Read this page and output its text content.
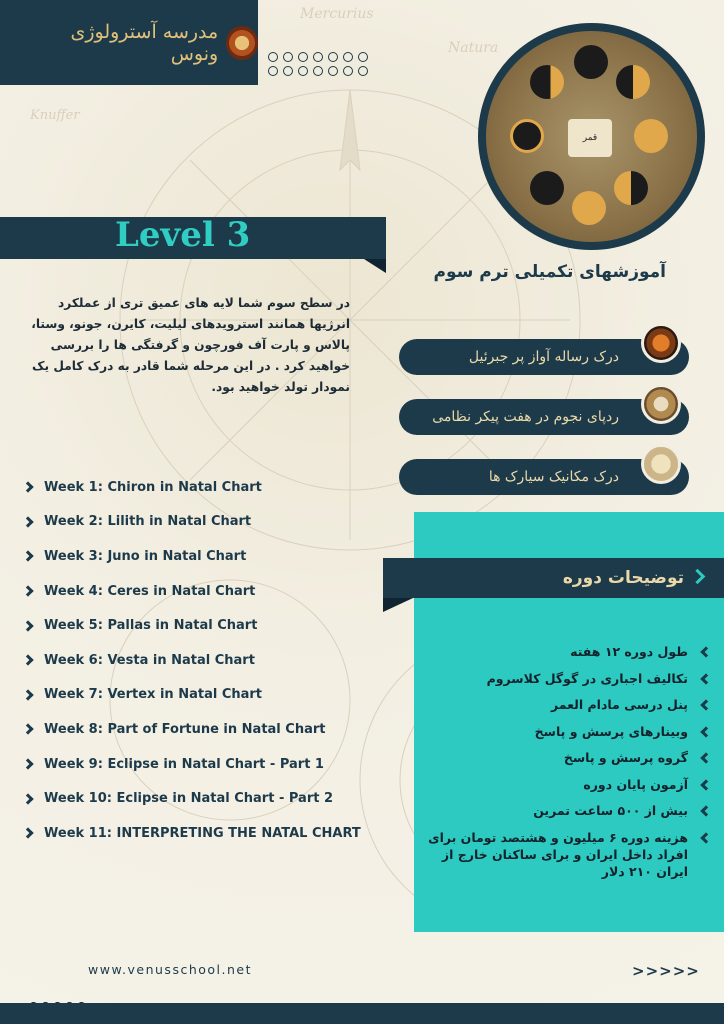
Mercurius
Natura
Knuffer
مدرسه آسترولوژی ونوس
قمر
Level 3
آموزشهای تکمیلی ترم سوم
در سطح سوم شما لایه های عمیق تری از عملکرد انرژیها همانند استرویدهای لیلیت، کایرن، جونو، وستا، پالاس و پارت آف فورچون و گرفتگی ها را بررسی خواهید کرد . در این مرحله شما قادر به درک کامل یک نمودار تولد خواهید بود.
درک رساله آواز پر جبرئیل
ردپای نجوم در هفت پیکر نظامی
درک مکانیک سیارک ها
Week 1: Chiron in Natal Chart
Week 2: Lilith in Natal Chart
Week 3: Juno in Natal Chart
Week 4: Ceres in Natal Chart
Week 5: Pallas in Natal Chart
Week 6: Vesta in Natal Chart
Week 7: Vertex in Natal Chart
Week 8: Part of Fortune in Natal Chart
Week 9: Eclipse in Natal Chart - Part 1
Week 10: Eclipse in Natal Chart - Part 2
Week 11: INTERPRETING THE NATAL CHART
توضیحات دوره
طول دوره ۱۲ هفته
تکالیف اجباری در گوگل کلاسروم
پنل درسی مادام العمر
وبینارهای پرسش و پاسخ
گروه پرسش و پاسخ
آزمون پایان دوره
بیش از ۵۰۰ ساعت تمرین
هزینه دوره ۶ میلیون و هشتصد تومان برای افراد داخل ایران و برای ساکنان خارج از ایران ۲۱۰ دلار
www.venusschool.net	>>>>>
